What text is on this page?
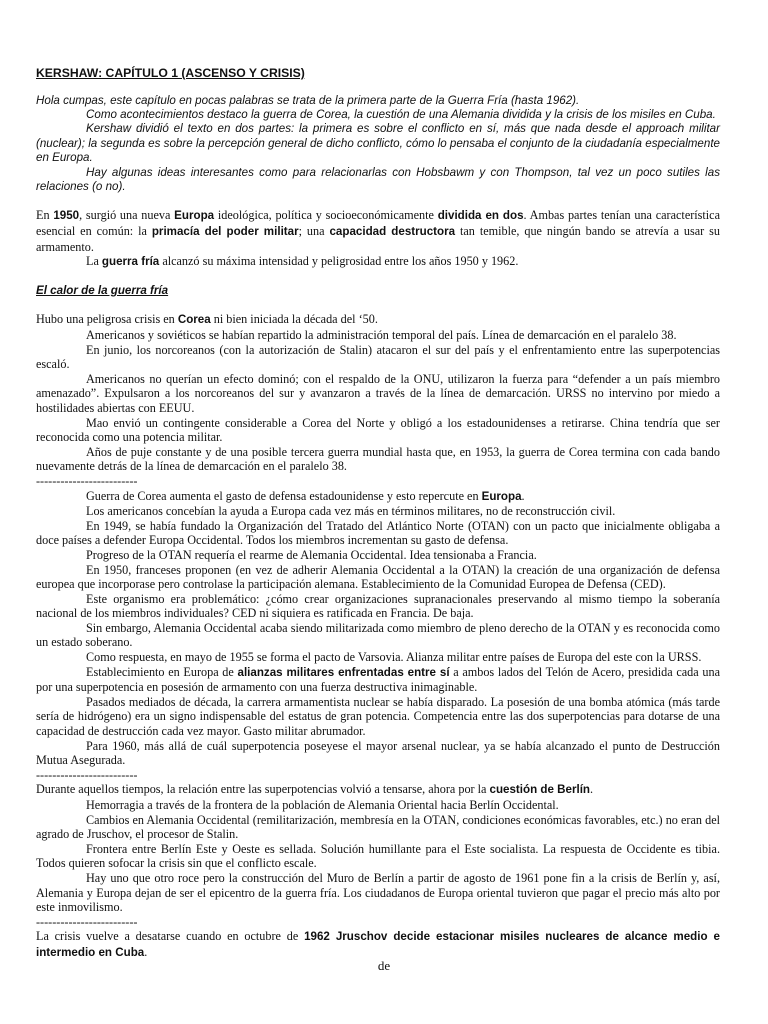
KERSHAW: CAPÍTULO 1 (ASCENSO Y CRISIS)

Hola cumpas, este capítulo en pocas palabras se trata de la primera parte de la Guerra Fría (hasta 1962).

Como acontecimientos destaco la guerra de Corea, la cuestión de una Alemania dividida y la crisis de los misiles en Cuba.

Kershaw dividió el texto en dos partes: la primera es sobre el conflicto en sí, más que nada desde el approach militar (nuclear); la segunda es sobre la percepción general de dicho conflicto, cómo lo pensaba el conjunto de la ciudadanía especialmente en Europa.

Hay algunas ideas interesantes como para relacionarlas con Hobsbawm y con Thompson, tal vez un poco sutiles las relaciones (o no).

En 1950, surgió una nueva Europa ideológica, política y socioeconómicamente dividida en dos. Ambas partes tenían una característica esencial en común: la primacía del poder militar; una capacidad destructora tan temible, que ningún bando se atrevía a usar su armamento.

La guerra fría alcanzó su máxima intensidad y peligrosidad entre los años 1950 y 1962.

El calor de la guerra fría

Hubo una peligrosa crisis en Corea ni bien iniciada la década del ‘50.

Americanos y soviéticos se habían repartido la administración temporal del país. Línea de demarcación en el paralelo 38.

En junio, los norcoreanos (con la autorización de Stalin) atacaron el sur del país y el enfrentamiento entre las superpotencias escaló.

Americanos no querían un efecto dominó; con el respaldo de la ONU, utilizaron la fuerza para “defender a un país miembro amenazado”. Expulsaron a los norcoreanos del sur y avanzaron a través de la línea de demarcación. URSS no intervino por miedo a hostilidades abiertas con EEUU.

Mao envió un contingente considerable a Corea del Norte y obligó a los estadounidenses a retirarse. China tendría que ser reconocida como una potencia militar.

Años de puje constante y de una posible tercera guerra mundial hasta que, en 1953, la guerra de Corea termina con cada bando nuevamente detrás de la línea de demarcación en el paralelo 38.

-------------------------

Guerra de Corea aumenta el gasto de defensa estadounidense y esto repercute en Europa.

Los americanos concebían la ayuda a Europa cada vez más en términos militares, no de reconstrucción civil.

En 1949, se había fundado la Organización del Tratado del Atlántico Norte (OTAN) con un pacto que inicialmente obligaba a doce países a defender Europa Occidental. Todos los miembros incrementan su gasto de defensa.

Progreso de la OTAN requería el rearme de Alemania Occidental. Idea tensionaba a Francia.

En 1950, franceses proponen (en vez de adherir Alemania Occidental a la OTAN) la creación de una organización de defensa europea que incorporase pero controlase la participación alemana. Establecimiento de la Comunidad Europea de Defensa (CED).

Este organismo era problemático: ¿cómo crear organizaciones supranacionales preservando al mismo tiempo la soberanía nacional de los miembros individuales? CED ni siquiera es ratificada en Francia. De baja.

Sin embargo, Alemania Occidental acaba siendo militarizada como miembro de pleno derecho de la OTAN y es reconocida como un estado soberano.

Como respuesta, en mayo de 1955 se forma el pacto de Varsovia. Alianza militar entre países de Europa del este con la URSS.

Establecimiento en Europa de alianzas militares enfrentadas entre sí a ambos lados del Telón de Acero, presidida cada una por una superpotencia en posesión de armamento con una fuerza destructiva inimaginable.

Pasados mediados de década, la carrera armamentista nuclear se había disparado. La posesión de una bomba atómica (más tarde sería de hidrógeno) era un signo indispensable del estatus de gran potencia. Competencia entre las dos superpotencias para dotarse de una capacidad de destrucción cada vez mayor. Gasto militar abrumador.

Para 1960, más allá de cuál superpotencia poseyese el mayor arsenal nuclear, ya se había alcanzado el punto de Destrucción Mutua Asegurada.

-------------------------

Durante aquellos tiempos, la relación entre las superpotencias volvió a tensarse, ahora por la cuestión de Berlín.

Hemorragia a través de la frontera de la población de Alemania Oriental hacia Berlín Occidental.

Cambios en Alemania Occidental (remilitarización, membresía en la OTAN, condiciones económicas favorables, etc.) no eran del agrado de Jruschov, el procesor de Stalin.

Frontera entre Berlín Este y Oeste es sellada. Solución humillante para el Este socialista. La respuesta de Occidente es tibia. Todos quieren sofocar la crisis sin que el conflicto escale.

Hay uno que otro roce pero la construcción del Muro de Berlín a partir de agosto de 1961 pone fin a la crisis de Berlín y, así, Alemania y Europa dejan de ser el epicentro de la guerra fría. Los ciudadanos de Europa oriental tuvieron que pagar el precio más alto por este inmovilismo.

-------------------------

La crisis vuelve a desatarse cuando en octubre de 1962 Jruschov decide estacionar misiles nucleares de alcance medio e intermedio en Cuba.

de
